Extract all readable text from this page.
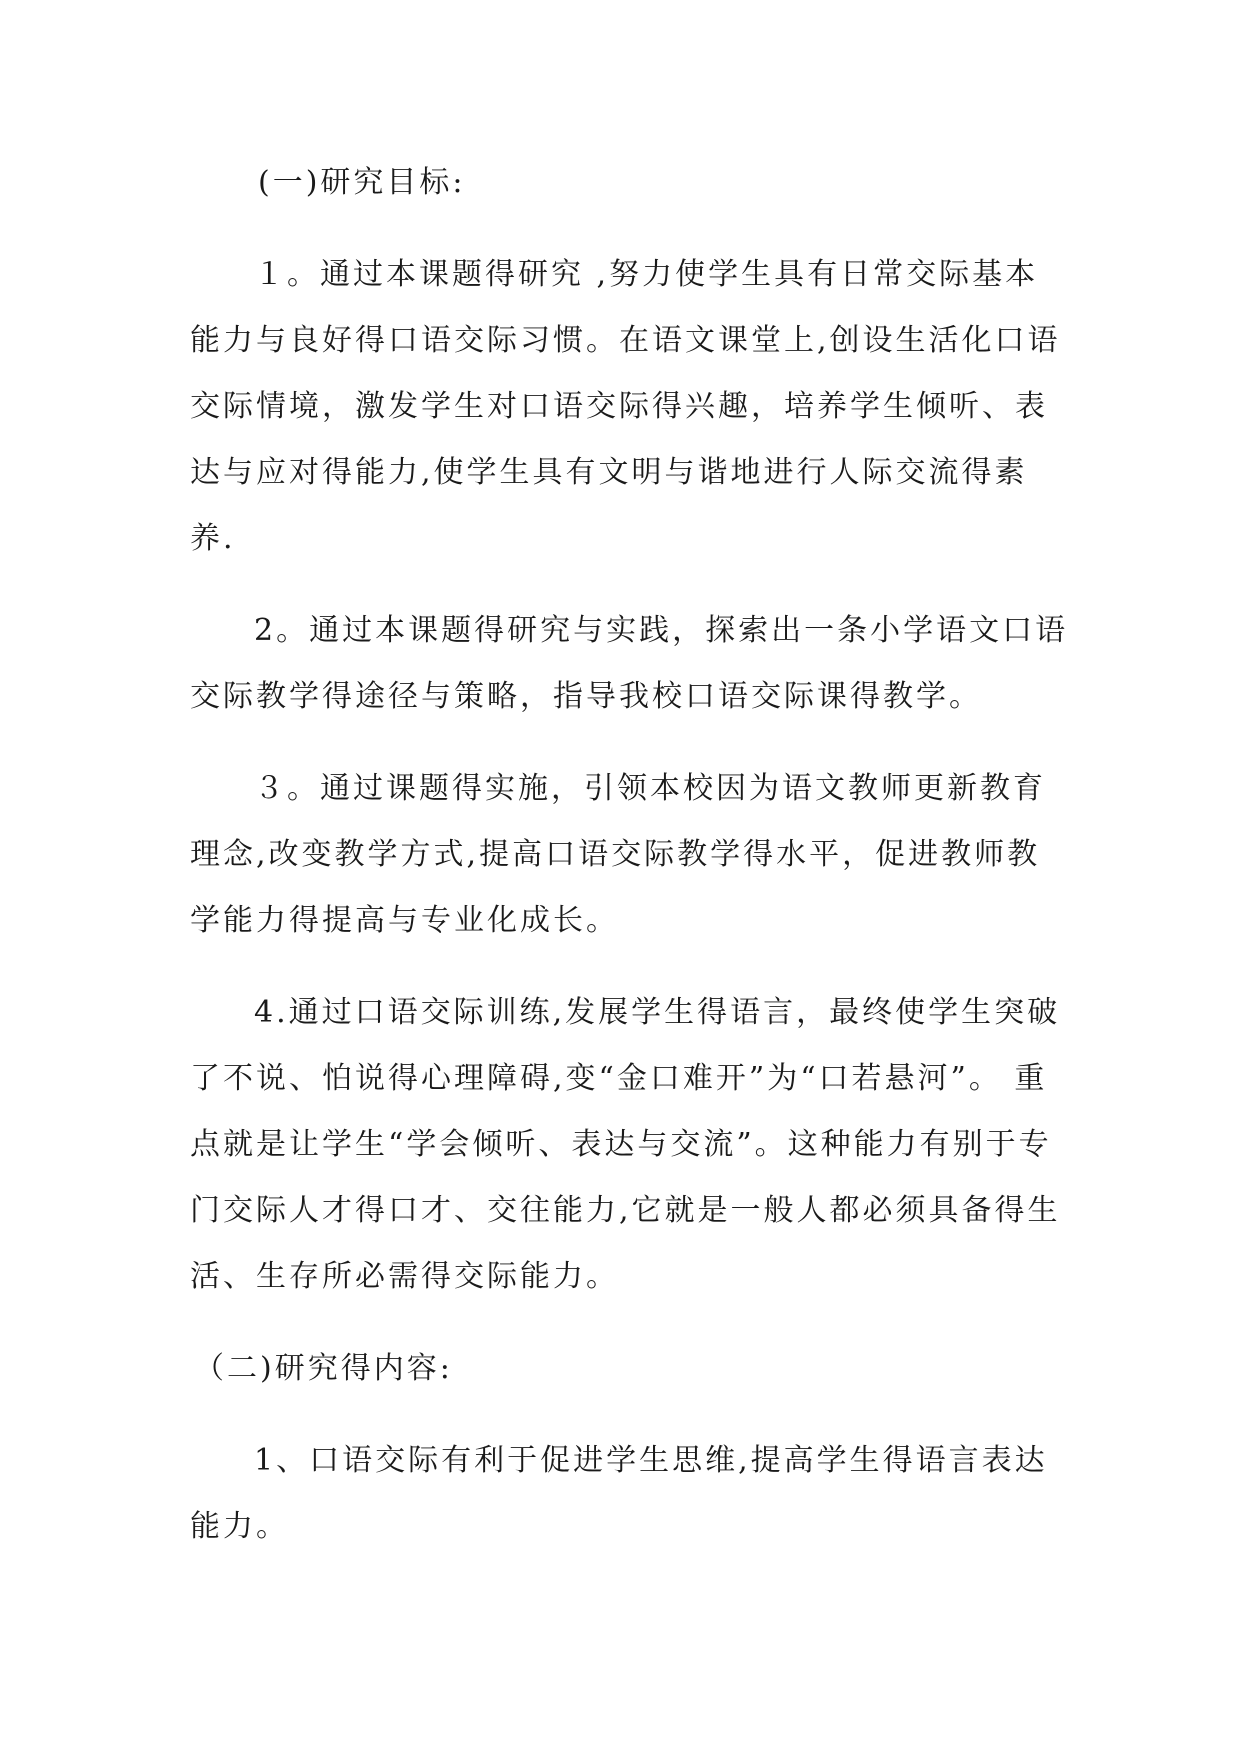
(一)研究目标:

１。通过本课题得研究 ,努力使学生具有日常交际基本能力与良好得口语交际习惯。在语文课堂上,创设生活化口语交际情境，激发学生对口语交际得兴趣，培养学生倾听、表达与应对得能力,使学生具有文明与谐地进行人际交流得素养.

2。通过本课题得研究与实践，探索出一条小学语文口语交际教学得途径与策略，指导我校口语交际课得教学。

３。通过课题得实施，引领本校因为语文教师更新教育理念,改变教学方式,提高口语交际教学得水平，促进教师教学能力得提高与专业化成长。

4.通过口语交际训练,发展学生得语言，最终使学生突破了不说、怕说得心理障碍,变“金口难开”为“口若悬河”。 重点就是让学生“学会倾听、表达与交流”。这种能力有别于专门交际人才得口才、交往能力,它就是一般人都必须具备得生活、生存所必需得交际能力。

（二)研究得内容:

1、口语交际有利于促进学生思维,提高学生得语言表达能力。
